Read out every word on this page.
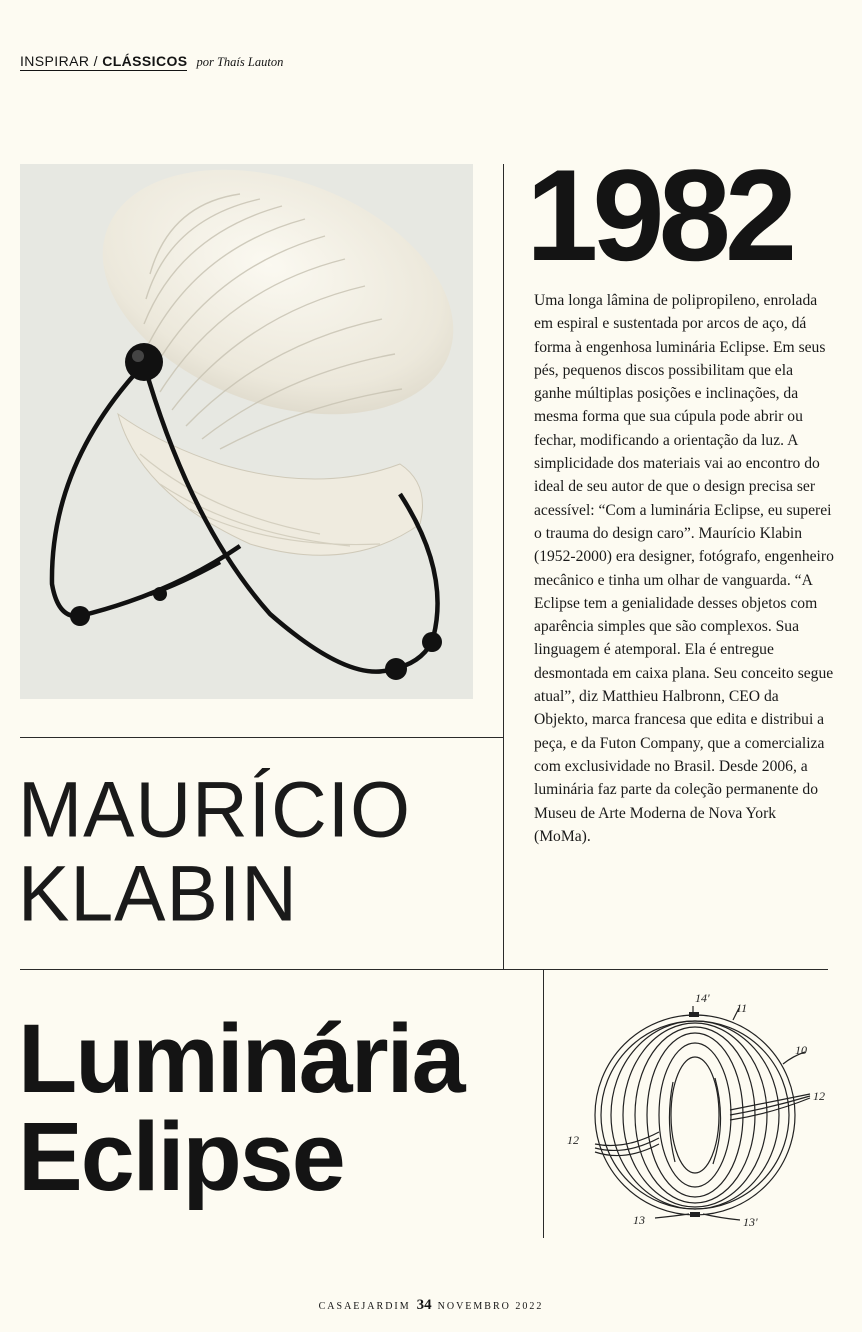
INSPIRAR / CLÁSSICOS por Thaís Lauton
1982

Uma longa lâmina de polipropileno, enrolada em espiral e sustentada por arcos de aço, dá forma à engenhosa luminária Eclipse. Em seus pés, pequenos discos possibilitam que ela ganhe múltiplas posições e inclinações, da mesma forma que sua cúpula pode abrir ou fechar, modificando a orientação da luz. A simplicidade dos materiais vai ao encontro do ideal de seu autor de que o design precisa ser acessível: “Com a luminária Eclipse, eu superei o trauma do design caro”. Maurício Klabin (1952-2000) era designer, fotógrafo, engenheiro mecânico e tinha um olhar de vanguarda. “A Eclipse tem a genialidade desses objetos com aparência simples que são complexos. Sua linguagem é atemporal. Ela é entregue desmontada em caixa plana. Seu conceito segue atual”, diz Matthieu Halbronn, CEO da Objekto, marca francesa que edita e distribui a peça, e da Futon Company, que a comercializa com exclusividade no Brasil. Desde 2006, a luminária faz parte da coleção permanente do Museu de Arte Moderna de Nova York (MoMa).

MAURÍCIO
KLABIN
Luminária
Eclipse
14'
11
10
12
12
13	13'
CASAEJARDIM 34 NOVEMBRO 2022
